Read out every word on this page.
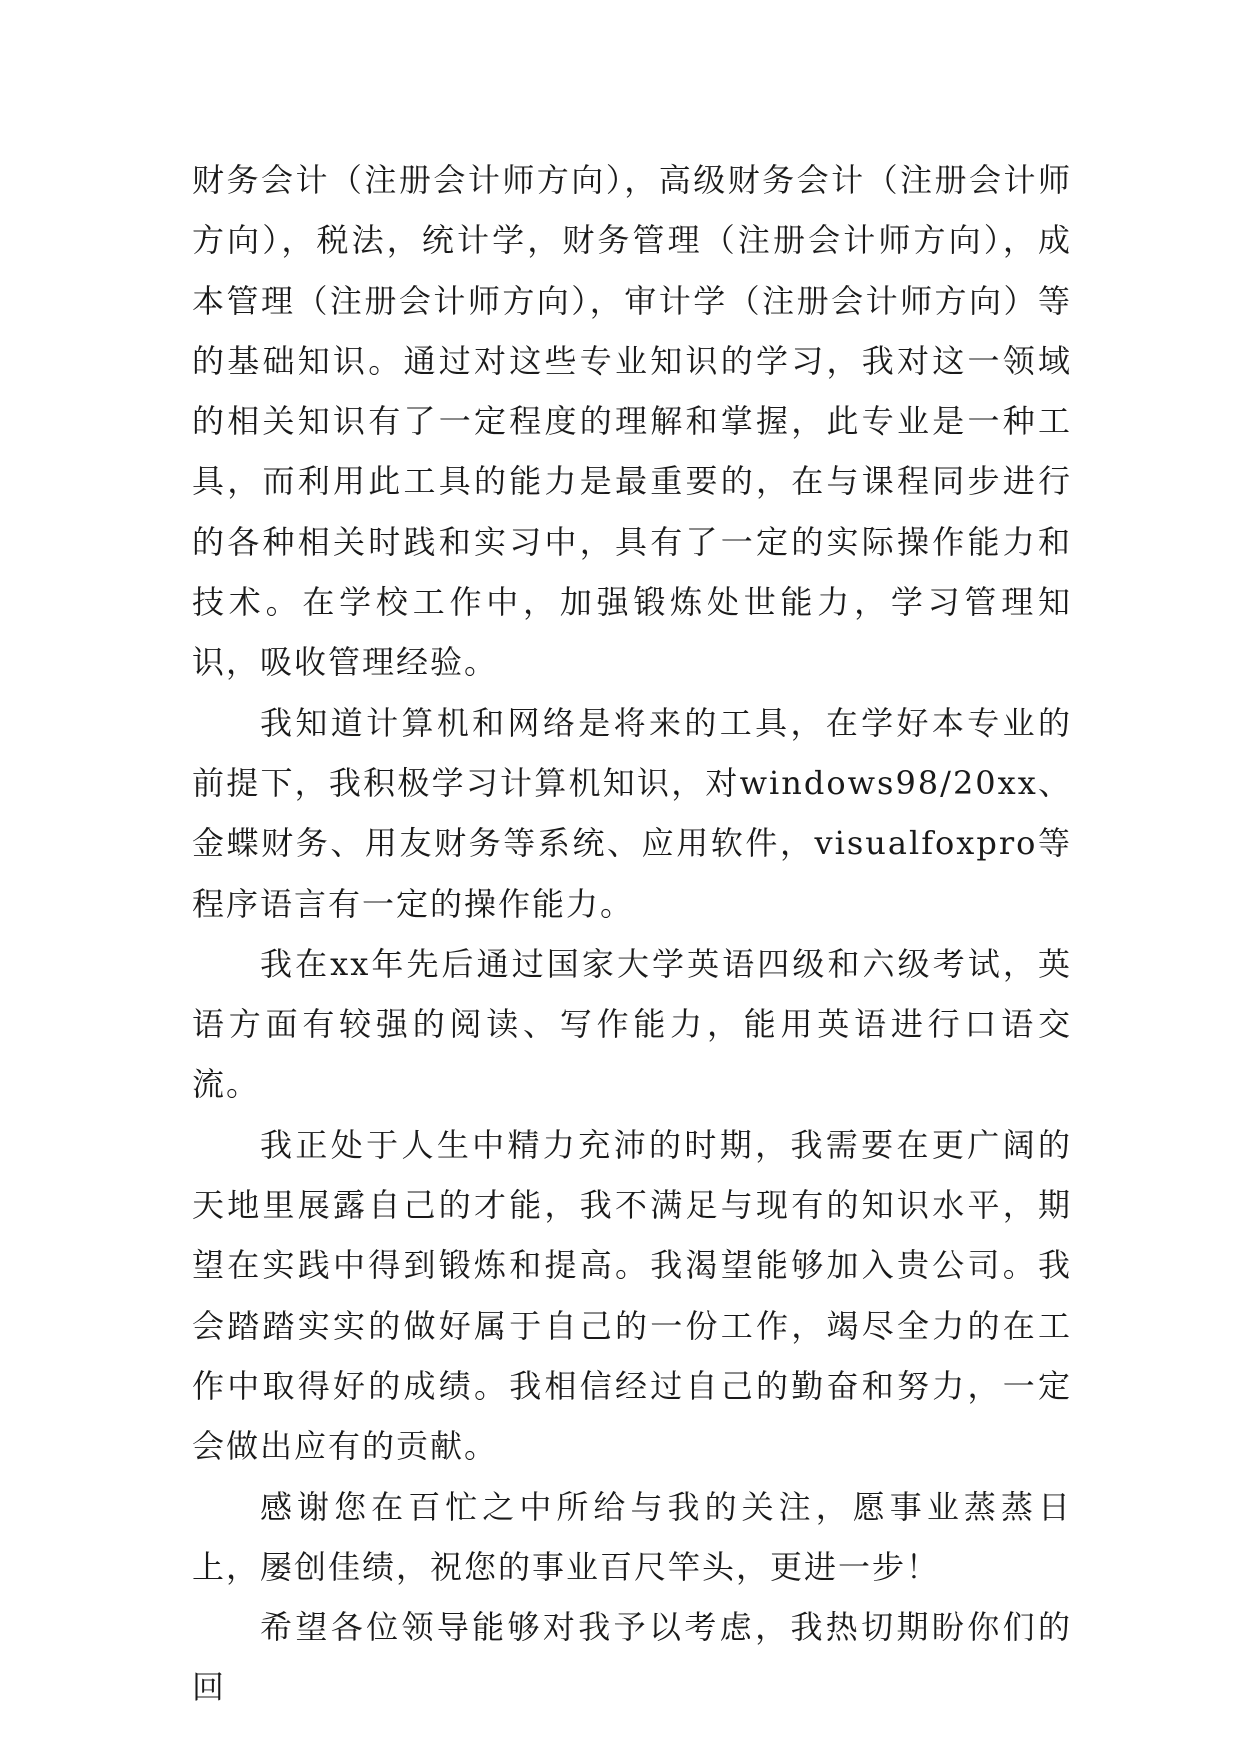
财务会计（注册会计师方向），高级财务会计（注册会计师方向），税法，统计学，财务管理（注册会计师方向），成本管理（注册会计师方向），审计学（注册会计师方向）等的基础知识。通过对这些专业知识的学习，我对这一领域的相关知识有了一定程度的理解和掌握，此专业是一种工具，而利用此工具的能力是最重要的，在与课程同步进行的各种相关时践和实习中，具有了一定的实际操作能力和技术。在学校工作中，加强锻炼处世能力，学习管理知识，吸收管理经验。

我知道计算机和网络是将来的工具，在学好本专业的前提下，我积极学习计算机知识，对windows98/20xx、金蝶财务、用友财务等系统、应用软件，visualfoxpro等程序语言有一定的操作能力。

我在xx年先后通过国家大学英语四级和六级考试，英语方面有较强的阅读、写作能力，能用英语进行口语交流。

我正处于人生中精力充沛的时期，我需要在更广阔的天地里展露自己的才能，我不满足与现有的知识水平，期望在实践中得到锻炼和提高。我渴望能够加入贵公司。我会踏踏实实的做好属于自己的一份工作，竭尽全力的在工作中取得好的成绩。我相信经过自己的勤奋和努力，一定会做出应有的贡献。

感谢您在百忙之中所给与我的关注，愿事业蒸蒸日上，屡创佳绩，祝您的事业百尺竿头，更进一步！

希望各位领导能够对我予以考虑，我热切期盼你们的回
